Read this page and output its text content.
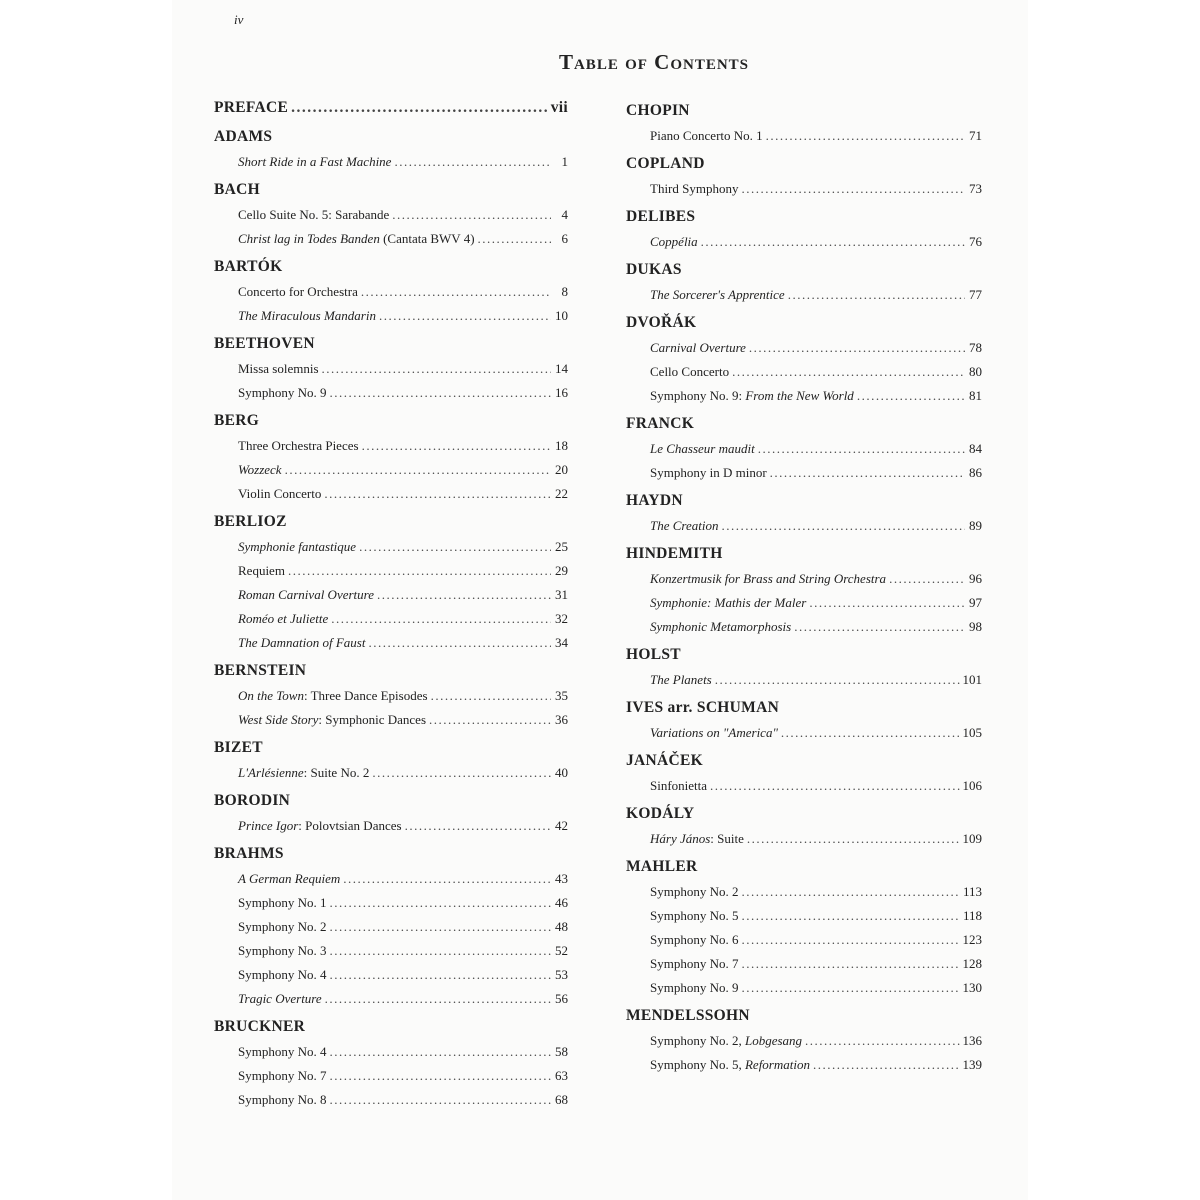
iv
Table of Contents
PREFACE .....	vii
ADAMS
Short Ride in a Fast Machine .....	1
BACH
Cello Suite No. 5: Sarabande .....	4
Christ lag in Todes Banden (Cantata BWV 4) .....	6
BARTÓK
Concerto for Orchestra .....	8
The Miraculous Mandarin .....	10
BEETHOVEN
Missa solemnis .....	14
Symphony No. 9 .....	16
BERG
Three Orchestra Pieces .....	18
Wozzeck .....	20
Violin Concerto .....	22
BERLIOZ
Symphonie fantastique .....	25
Requiem .....	29
Roman Carnival Overture .....	31
Roméo et Juliette .....	32
The Damnation of Faust .....	34
BERNSTEIN
On the Town: Three Dance Episodes .....	35
West Side Story: Symphonic Dances .....	36
BIZET
L'Arlésienne: Suite No. 2 .....	40
BORODIN
Prince Igor: Polovtsian Dances .....	42
BRAHMS
A German Requiem .....	43
Symphony No. 1 .....	46
Symphony No. 2 .....	48
Symphony No. 3 .....	52
Symphony No. 4 .....	53
Tragic Overture .....	56
BRUCKNER
Symphony No. 4 .....	58
Symphony No. 7 .....	63
Symphony No. 8 .....	68
CHOPIN
Piano Concerto No. 1 .....	71
COPLAND
Third Symphony .....	73
DELIBES
Coppélia .....	76
DUKAS
The Sorcerer's Apprentice .....	77
DVOŘÁK
Carnival Overture .....	78
Cello Concerto .....	80
Symphony No. 9: From the New World .....	81
FRANCK
Le Chasseur maudit .....	84
Symphony in D minor .....	86
HAYDN
The Creation .....	89
HINDEMITH
Konzertmusik for Brass and String Orchestra .....	96
Symphonie: Mathis der Maler .....	97
Symphonic Metamorphosis .....	98
HOLST
The Planets .....	101
IVES arr. SCHUMAN
Variations on "America" .....	105
JANÁČEK
Sinfonietta .....	106
KODÁLY
Háry János: Suite .....	109
MAHLER
Symphony No. 2 .....	113
Symphony No. 5 .....	118
Symphony No. 6 .....	123
Symphony No. 7 .....	128
Symphony No. 9 .....	130
MENDELSSOHN
Symphony No. 2, Lobgesang .....	136
Symphony No. 5, Reformation .....	139
